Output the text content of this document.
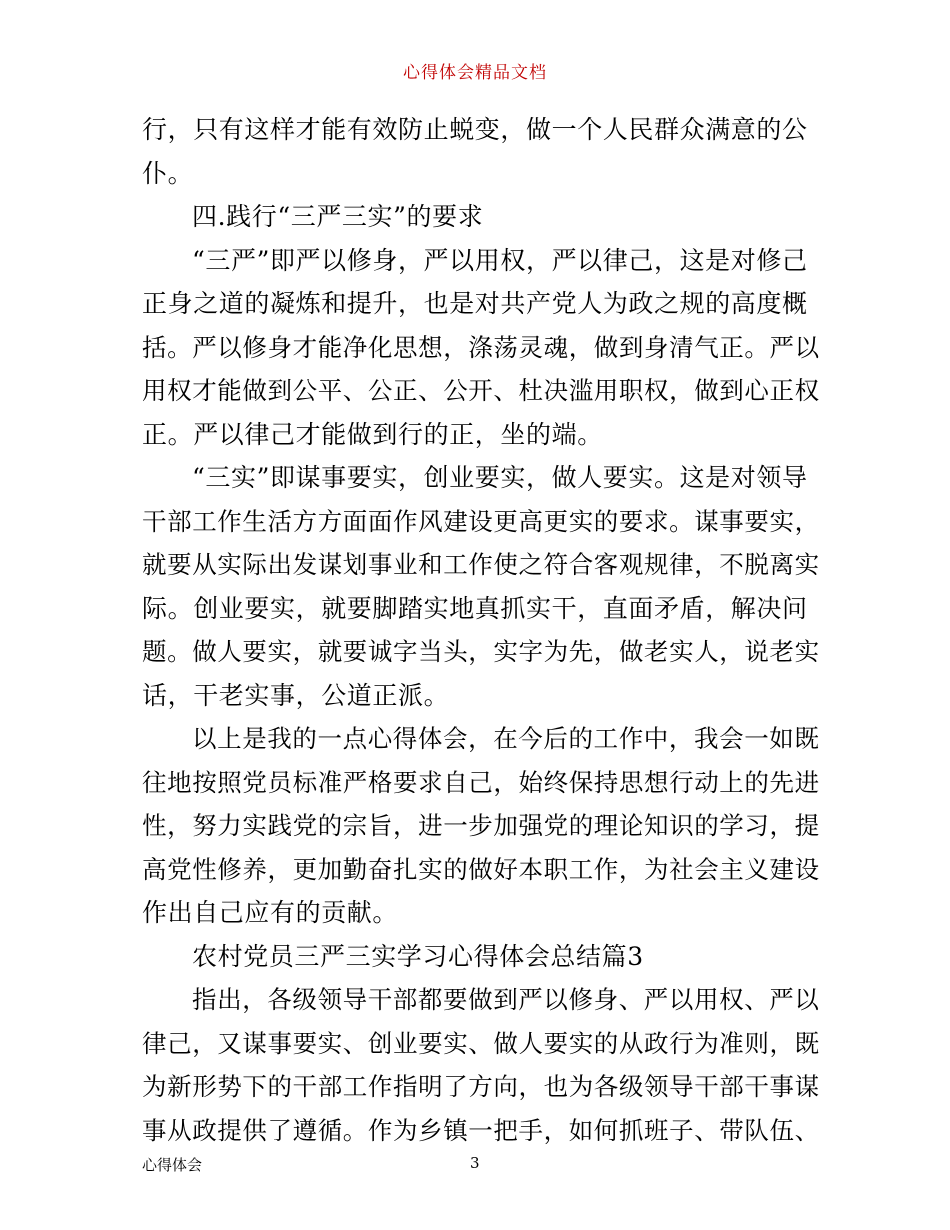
心得体会精品文档
行，只有这样才能有效防止蜕变，做一个人民群众满意的公
仆。
四.践行“三严三实”的要求
“三严”即严以修身，严以用权，严以律己，这是对修己
正身之道的凝炼和提升，也是对共产党人为政之规的高度概
括。严以修身才能净化思想，涤荡灵魂，做到身清气正。严以
用权才能做到公平、公正、公开、杜决滥用职权，做到心正权
正。严以律己才能做到行的正，坐的端。
“三实”即谋事要实，创业要实，做人要实。这是对领导
干部工作生活方方面面作风建设更高更实的要求。谋事要实，
就要从实际出发谋划事业和工作使之符合客观规律，不脱离实
际。创业要实，就要脚踏实地真抓实干，直面矛盾，解决问
题。做人要实，就要诚字当头，实字为先，做老实人，说老实
话，干老实事，公道正派。
以上是我的一点心得体会，在今后的工作中，我会一如既
往地按照党员标准严格要求自己，始终保持思想行动上的先进
性，努力实践党的宗旨，进一步加强党的理论知识的学习，提
高党性修养，更加勤奋扎实的做好本职工作，为社会主义建设
作出自己应有的贡献。
农村党员三严三实学习心得体会总结篇3
指出，各级领导干部都要做到严以修身、严以用权、严以
律己，又谋事要实、创业要实、做人要实的从政行为准则，既
为新形势下的干部工作指明了方向，也为各级领导干部干事谋
事从政提供了遵循。作为乡镇一把手，如何抓班子、带队伍、
心得体会	3
